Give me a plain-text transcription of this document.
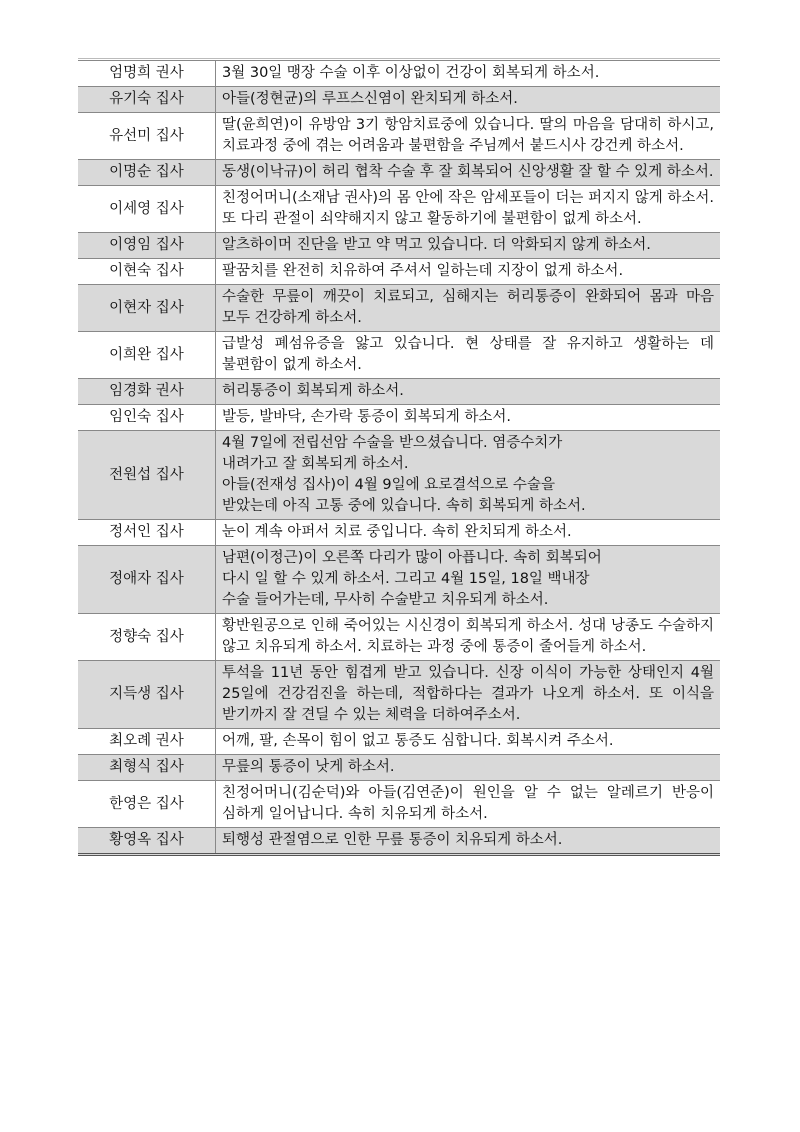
엄명희 권사	3월 30일 맹장 수술 이후 이상없이 건강이 회복되게 하소서.
유기숙 집사	아들(정현균)의 루프스신염이 완치되게 하소서.
유선미 집사	딸(윤희연)이 유방암 3기 항암치료중에 있습니다. 딸의 마음을 담대히 하시고, 치료과정 중에 겪는 어려움과 불편함을 주님께서 붙드시사 강건케 하소서.
이명순 집사	동생(이낙규)이 허리 협착 수술 후 잘 회복되어 신앙생활 잘 할 수 있게 하소서.
이세영 집사	친정어머니(소재남 권사)의 몸 안에 작은 암세포들이 더는 퍼지지 않게 하소서. 또 다리 관절이 쇠약해지지 않고 활동하기에 불편함이 없게 하소서.
이영임 집사	알츠하이머 진단을 받고 약 먹고 있습니다. 더 악화되지 않게 하소서.
이현숙 집사	팔꿈치를 완전히 치유하여 주셔서 일하는데 지장이 없게 하소서.
이현자 집사	수술한 무릎이 깨끗이 치료되고, 심해지는 허리통증이 완화되어 몸과 마음 모두 건강하게 하소서.
이희완 집사	급발성 폐섬유증을 앓고 있습니다. 현 상태를 잘 유지하고 생활하는 데 불편함이 없게 하소서.
임경화 권사	허리통증이 회복되게 하소서.
임인숙 집사	발등, 발바닥, 손가락 통증이 회복되게 하소서.
전원섭 집사	4월 7일에 전립선암 수술을 받으셨습니다. 염증수치가
내려가고 잘 회복되게 하소서.
아들(전재성 집사)이 4월 9일에 요로결석으로 수술을
받았는데 아직 고통 중에 있습니다. 속히 회복되게 하소서.

정서인 집사	눈이 계속 아퍼서 치료 중입니다. 속히 완치되게 하소서.
정애자 집사	남편(이정근)이 오른쪽 다리가 많이 아픕니다. 속히 회복되어
다시 일 할 수 있게 하소서. 그리고 4월 15일, 18일 백내장
수술 들어가는데, 무사히 수술받고 치유되게 하소서.

정향숙 집사	황반원공으로 인해 죽어있는 시신경이 회복되게 하소서. 성대 낭종도 수술하지 않고 치유되게 하소서. 치료하는 과정 중에 통증이 줄어들게 하소서.
지득생 집사	투석을 11년 동안 힘겹게 받고 있습니다. 신장 이식이 가능한 상태인지 4월 25일에 건강검진을 하는데, 적합하다는 결과가 나오게 하소서. 또 이식을 받기까지 잘 견딜 수 있는 체력을 더하여주소서.
최오례 권사	어깨, 팔, 손목이 힘이 없고 통증도 심합니다. 회복시켜 주소서.
최형식 집사	무릎의 통증이 낫게 하소서.
한영은 집사	친정어머니(김순덕)와 아들(김연준)이 원인을 알 수 없는 알레르기 반응이 심하게 일어납니다. 속히 치유되게 하소서.
황영옥 집사	퇴행성 관절염으로 인한 무릎 통증이 치유되게 하소서.
